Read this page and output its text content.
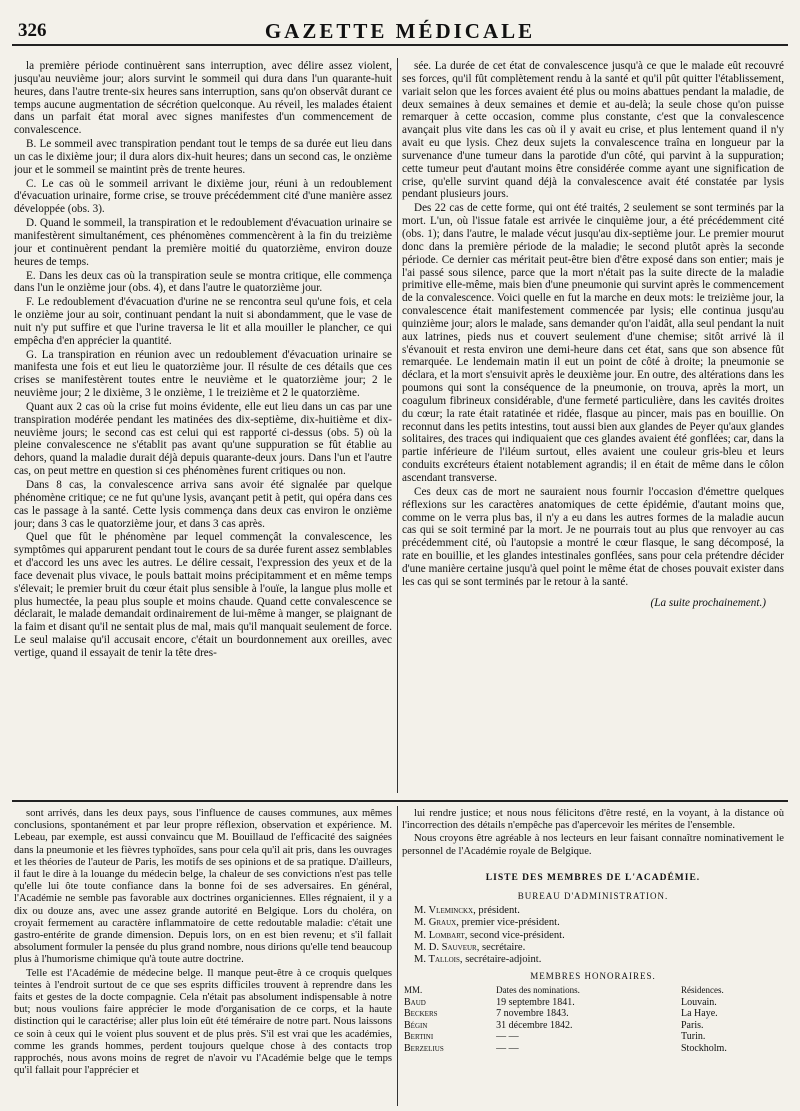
326	GAZETTE MÉDICALE

la première période continuèrent sans interruption, avec délire assez violent, jusqu'au neuvième jour; alors survint le sommeil qui dura dans l'un quarante-huit heures, dans l'autre trente-six heures sans interruption, sans qu'on observât durant ce temps aucune augmentation de sécrétion quelconque. Au réveil, les malades étaient dans un parfait état moral avec signes manifestes d'un commencement de convalescence.

B. Le sommeil avec transpiration pendant tout le temps de sa durée eut lieu dans un cas le dixième jour; il dura alors dix-huit heures; dans un second cas, le onzième jour et le sommeil se maintint près de trente heures.

C. Le cas où le sommeil arrivant le dixième jour, réuni à un redoublement d'évacuation urinaire, forme crise, se trouve précédemment cité d'une manière assez développée (obs. 3).

D. Quand le sommeil, la transpiration et le redoublement d'évacuation urinaire se manifestèrent simultanément, ces phénomènes commencèrent à la fin du treizième jour et continuèrent pendant la première moitié du quatorzième, environ douze heures de temps.

E. Dans les deux cas où la transpiration seule se montra critique, elle commença dans l'un le onzième jour (obs. 4), et dans l'autre le quatorzième jour.

F. Le redoublement d'évacuation d'urine ne se rencontra seul qu'une fois, et cela le onzième jour au soir, continuant pendant la nuit si abondamment, que le vase de nuit n'y put suffire et que l'urine traversa le lit et alla mouiller le plancher, ce qui empêcha d'en apprécier la quantité.

G. La transpiration en réunion avec un redoublement d'évacuation urinaire se manifesta une fois et eut lieu le quatorzième jour. Il résulte de ces détails que ces crises se manifestèrent toutes entre le neuvième et le quatorzième jour; 2 le neuvième jour; 2 le dixième, 3 le onzième, 1 le treizième et 2 le quatorzième.

Quant aux 2 cas où la crise fut moins évidente, elle eut lieu dans un cas par une transpiration modérée pendant les matinées des dix-septième, dix-huitième et dix-neuvième jours; le second cas est celui qui est rapporté ci-dessus (obs. 5) où la pleine convalescence ne s'établit pas avant qu'une suppuration se fût établie au dehors, quand la maladie durait déjà depuis quarante-deux jours. Dans l'un et l'autre cas, on peut mettre en question si ces phénomènes furent critiques ou non.

Dans 8 cas, la convalescence arriva sans avoir été signalée par quelque phénomène critique; ce ne fut qu'une lysis, avançant petit à petit, qui opéra dans ces cas le passage à la santé. Cette lysis commença dans deux cas environ le onzième jour; dans 3 cas le quatorzième jour, et dans 3 cas après.

Quel que fût le phénomène par lequel commençât la convalescence, les symptômes qui apparurent pendant tout le cours de sa durée furent assez semblables et d'accord les uns avec les autres. Le délire cessait, l'expression des yeux et de la face devenait plus vivace, le pouls battait moins précipitamment et en même temps s'élevait; le premier bruit du cœur était plus sensible à l'ouïe, la langue plus molle et plus humectée, la peau plus souple et moins chaude. Quand cette convalescence se déclarait, le malade demandait ordinairement de lui-même à manger, se plaignant de la faim et disant qu'il ne sentait plus de mal, mais qu'il manquait seulement de force. Le seul malaise qu'il accusait encore, c'était un bourdonnement aux oreilles, avec vertige, quand il essayait de tenir la tête dres-

sée. La durée de cet état de convalescence jusqu'à ce que le malade eût recouvré ses forces, qu'il fût complètement rendu à la santé et qu'il pût quitter l'établissement, variait selon que les forces avaient été plus ou moins abattues pendant la maladie, de deux semaines à deux semaines et demie et au-delà; la seule chose qu'on puisse remarquer à cette occasion, comme plus constante, c'est que la convalescence avançait plus vite dans les cas où il y avait eu crise, et plus lentement quand il n'y avait eu que lysis. Chez deux sujets la convalescence traîna en longueur par la survenance d'une tumeur dans la parotide d'un côté, qui parvint à la suppuration; cette tumeur peut d'autant moins être considérée comme ayant une signification de crise, qu'elle survint quand déjà la convalescence avait été constatée par lysis pendant plusieurs jours.

Des 22 cas de cette forme, qui ont été traités, 2 seulement se sont terminés par la mort. L'un, où l'issue fatale est arrivée le cinquième jour, a été précédemment cité (obs. 1); dans l'autre, le malade vécut jusqu'au dix-septième jour. Le premier mourut donc dans la première période de la maladie; le second plutôt après la seconde période. Ce dernier cas méritait peut-être bien d'être exposé dans son entier; mais je l'ai passé sous silence, parce que la mort n'était pas la suite directe de la maladie primitive elle-même, mais bien d'une pneumonie qui survint après le commencement de la convalescence. Voici quelle en fut la marche en deux mots: le treizième jour, la convalescence était manifestement commencée par lysis; elle continua jusqu'au quinzième jour; alors le malade, sans demander qu'on l'aidât, alla seul pendant la nuit aux latrines, pieds nus et couvert seulement d'une chemise; sitôt arrivé là il s'évanouit et resta environ une demi-heure dans cet état, sans que son absence fût remarquée. Le lendemain matin il eut un point de côté à droite; la pneumonie se déclara, et la mort s'ensuivit après le deuxième jour. En outre, des altérations dans les poumons qui sont la conséquence de la pneumonie, on trouva, après la mort, un coagulum fibrineux considérable, d'une fermeté particulière, dans les cavités droites du cœur; la rate était ratatinée et ridée, flasque au pincer, mais pas en bouillie. On reconnut dans les petits intestins, tout aussi bien aux glandes de Peyer qu'aux glandes solitaires, des traces qui indiquaient que ces glandes avaient été gonflées; car, dans la partie inférieure de l'iléum surtout, elles avaient une couleur gris-bleu et leurs conduits excréteurs étaient notablement agrandis; il en était de même dans le côlon ascendant transverse.

Ces deux cas de mort ne sauraient nous fournir l'occasion d'émettre quelques réflexions sur les caractères anatomiques de cette épidémie, d'autant moins que, comme on le verra plus bas, il n'y a eu dans les autres formes de la maladie aucun cas qui se soit terminé par la mort. Je ne pourrais tout au plus que renvoyer au cas précédemment cité, où l'autopsie a montré le cœur flasque, le sang décomposé, la rate en bouillie, et les glandes intestinales gonflées, sans pour cela prétendre décider d'une manière certaine jusqu'à quel point le même état de choses pouvait exister dans les cas qui se sont terminés par le retour à la santé.

(La suite prochainement.)

sont arrivés, dans les deux pays, sous l'influence de causes communes, aux mêmes conclusions, spontanément et par leur propre réflexion, observation et expérience. M. Lebeau, par exemple, est aussi convaincu que M. Bouillaud de l'efficacité des saignées dans la pneumonie et les fièvres typhoïdes, sans pour cela qu'il ait pris, dans les ouvrages et les théories de l'auteur de Paris, les motifs de ses opinions et de sa pratique. D'ailleurs, il faut le dire à la louange du médecin belge, la chaleur de ses convictions n'est pas telle qu'elle lui ôte toute confiance dans la bonne foi de ses adversaires. En général, l'Académie ne semble pas favorable aux doctrines organiciennes. Elles régnaient, il y a dix ou douze ans, avec une assez grande autorité en Belgique. Lors du choléra, on croyait fermement au caractère inflammatoire de cette redoutable maladie: c'était une gastro-entérite de grande dimension. Depuis lors, on en est bien revenu; et s'il fallait absolument formuler la pensée du plus grand nombre, nous dirions qu'elle tend beaucoup plus à l'humorisme chimique qu'à toute autre doctrine.

Telle est l'Académie de médecine belge. Il manque peut-être à ce croquis quelques teintes à l'endroit surtout de ce que ses esprits difficiles trouvent à reprendre dans les faits et gestes de la docte compagnie. Cela n'était pas absolument indispensable à notre but; nous voulions faire apprécier le mode d'organisation de ce corps, et la haute distinction qui le caractérise; aller plus loin eût été téméraire de notre part. Nous laissons ce soin à ceux qui le voient plus souvent et de plus près. S'il est vrai que les académies, comme les grands hommes, perdent toujours quelque chose à des contacts trop rapprochés, nous avons moins de regret de n'avoir vu l'Académie belge que le temps qu'il fallait pour l'apprécier et

lui rendre justice; et nous nous félicitons d'être resté, en la voyant, à la distance où l'incorrection des détails n'empêche pas d'apercevoir les mérites de l'ensemble.

Nous croyons être agréable à nos lecteurs en leur faisant connaître nominativement le personnel de l'Académie royale de Belgique.

LISTE DES MEMBRES DE L'ACADÉMIE.
BUREAU D'ADMINISTRATION.

M. Vleminckx, président.

M. Graux, premier vice-président.

M. Lombart, second vice-président.

M. D. Sauveur, secrétaire.

M. Tallois, secrétaire-adjoint.

MEMBRES HONORAIRES.
MM.	Dates des nominations.	Résidences.
Baud	19 septembre 1841.	Louvain.
Beckers	7 novembre 1843.	La Haye.
Bégin	31 décembre 1842.	Paris.
Bertini	— —	Turin.
Berzelius	— —	Stockholm.
